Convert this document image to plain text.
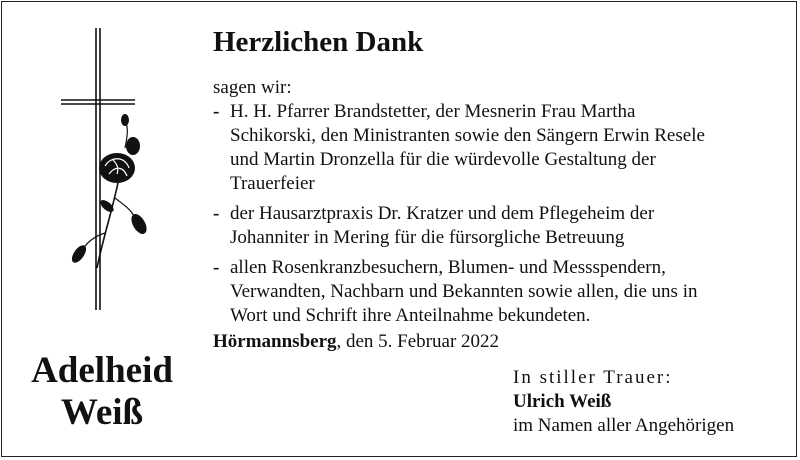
Adelheid
Weiß
Herzlichen Dank
sagen wir:
- H. H. Pfarrer Brandstetter, der Mesnerin Frau Martha
Schikorski, den Ministranten sowie den Sängern Erwin Resele
und Martin Dronzella für die würdevolle Gestaltung der
Trauerfeier
- der Hausarztpraxis Dr. Kratzer und dem Pflegeheim der
Johanniter in Mering für die fürsorgliche Betreuung
- allen Rosenkranzbesuchern, Blumen- und Messspendern,
Verwandten, Nachbarn und Bekannten sowie allen, die uns in
Wort und Schrift ihre Anteilnahme bekundeten.
Hörmannsberg, den 5. Februar 2022
In stiller Trauer:
Ulrich Weiß
im Namen aller Angehörigen
